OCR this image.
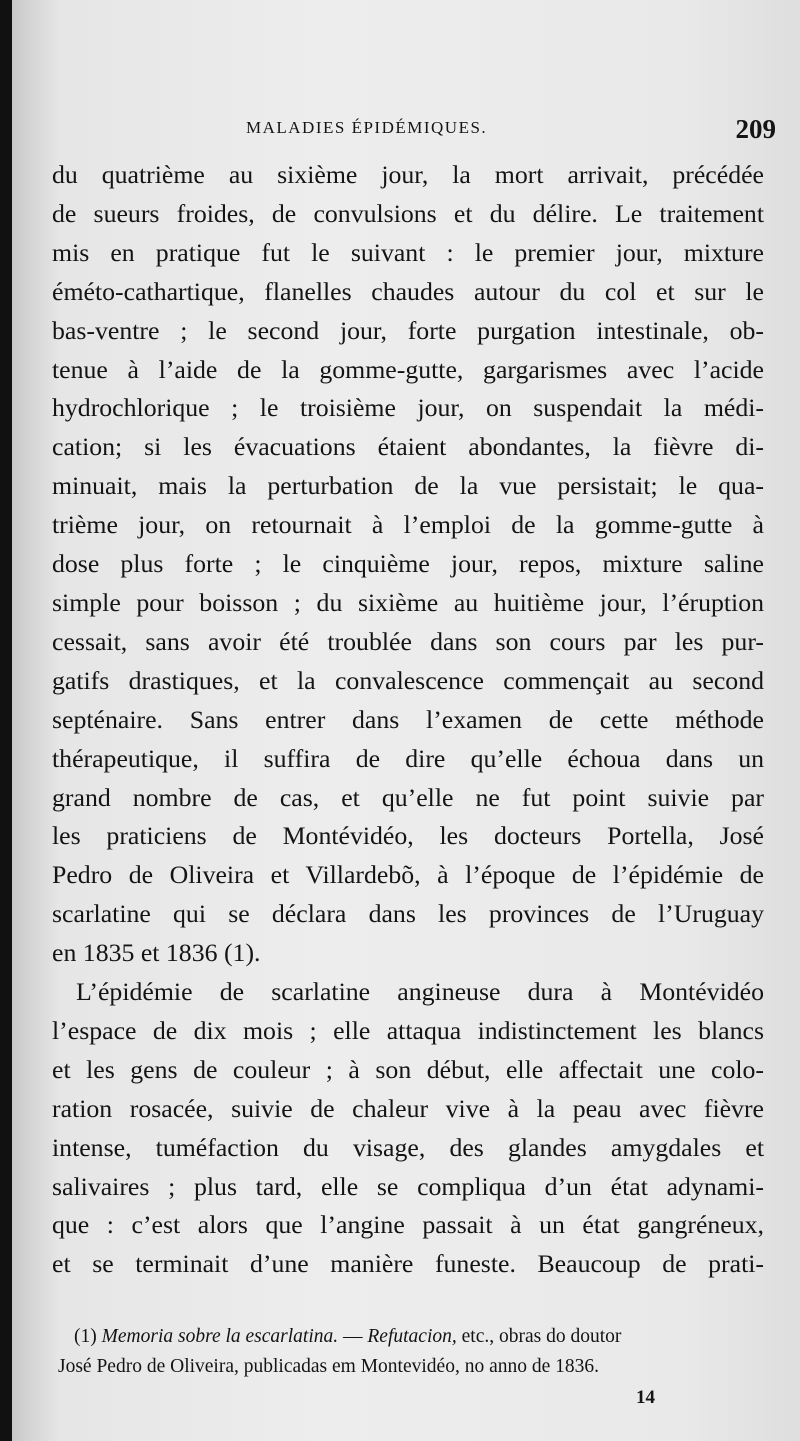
MALADIES ÉPIDÉMIQUES.	209
du quatrième au sixième jour, la mort arrivait, précédée
de sueurs froides, de convulsions et du délire. Le traitement
mis en pratique fut le suivant : le premier jour, mixture
éméto-cathartique, flanelles chaudes autour du col et sur le
bas-ventre ; le second jour, forte purgation intestinale, ob-
tenue à l’aide de la gomme-gutte, gargarismes avec l’acide
hydrochlorique ; le troisième jour, on suspendait la médi-
cation; si les évacuations étaient abondantes, la fièvre di-
minuait, mais la perturbation de la vue persistait; le qua-
trième jour, on retournait à l’emploi de la gomme-gutte à
dose plus forte ; le cinquième jour, repos, mixture saline
simple pour boisson ; du sixième au huitième jour, l’éruption
cessait, sans avoir été troublée dans son cours par les pur-
gatifs drastiques, et la convalescence commençait au second
septénaire. Sans entrer dans l’examen de cette méthode
thérapeutique, il suffira de dire qu’elle échoua dans un
grand nombre de cas, et qu’elle ne fut point suivie par
les praticiens de Montévidéo, les docteurs Portella, José
Pedro de Oliveira et Villardebõ, à l’époque de l’épidémie de
scarlatine qui se déclara dans les provinces de l’Uruguay
en 1835 et 1836 (1).
L’épidémie de scarlatine angineuse dura à Montévidéo
l’espace de dix mois ; elle attaqua indistinctement les blancs
et les gens de couleur ; à son début, elle affectait une colo-
ration rosacée, suivie de chaleur vive à la peau avec fièvre
intense, tuméfaction du visage, des glandes amygdales et
salivaires ; plus tard, elle se compliqua d’un état adynami-
que : c’est alors que l’angine passait à un état gangréneux,
et se terminait d’une manière funeste. Beaucoup de prati-
(1) Memoria sobre la escarlatina. — Refutacion, etc., obras do doutor
José Pedro de Oliveira, publicadas em Montevidéo, no anno de 1836.
14
